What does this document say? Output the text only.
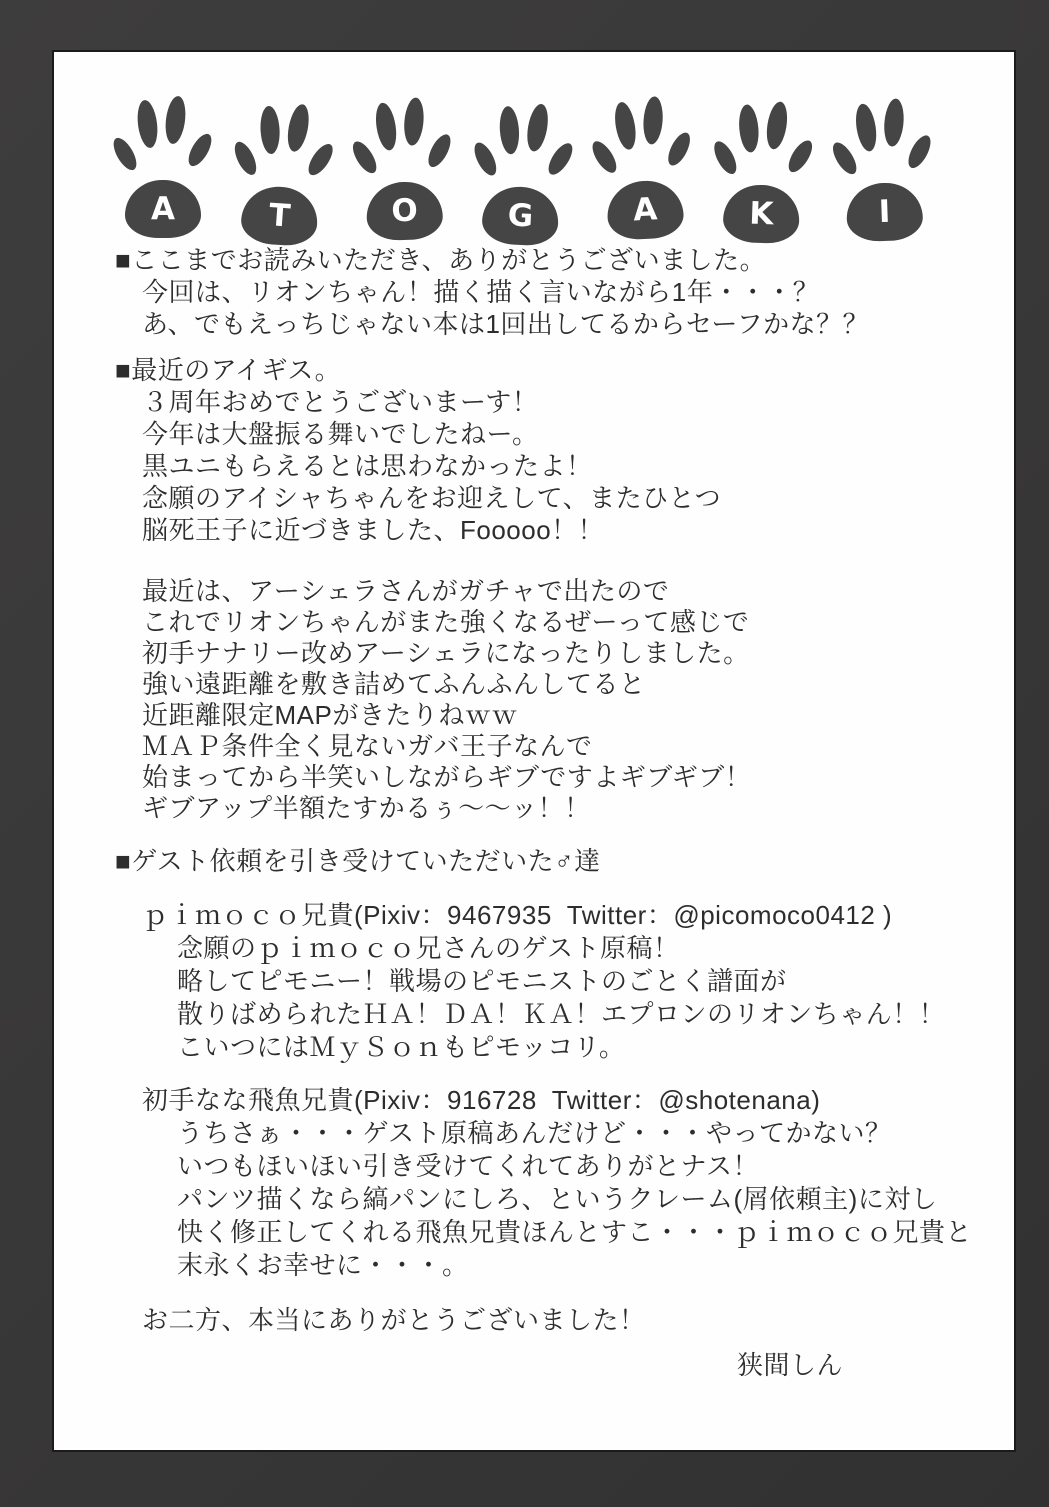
A	T	O	G	A	K	I
■ここまでお読みいただき、ありがとうございました。
今回は、リオンちゃん！描く描く言いながら1年・・・？
あ、でもえっちじゃない本は1回出してるからセーフかな？？
■最近のアイギス。
３周年おめでとうございまーす！
今年は大盤振る舞いでしたねー。
黒ユニもらえるとは思わなかったよ！
念願のアイシャちゃんをお迎えして、またひとつ
脳死王子に近づきました、Fooooo！！
最近は、アーシェラさんがガチャで出たので
これでリオンちゃんがまた強くなるぜーって感じで
初手ナナリー改めアーシェラになったりしました。
強い遠距離を敷き詰めてふんふんしてると
近距離限定MAPがきたりねｗｗ
ＭＡＰ条件全く見ないガバ王子なんで
始まってから半笑いしながらギブですよギブギブ！
ギブアップ半額たすかるぅ～～ッ！！
■ゲスト依頼を引き受けていただいた♂達
ｐｉｍｏｃｏ兄貴(Pixiv：9467935  Twitter：@picomoco0412 )
念願のｐｉｍｏｃｏ兄さんのゲスト原稿！
略してピモニー！戦場のピモニストのごとく譜面が
散りばめられたＨＡ！ＤＡ！ＫＡ！エプロンのリオンちゃん！！
こいつにはＭｙＳｏｎもピモッコリ。
初手なな飛魚兄貴(Pixiv：916728  Twitter：@shotenana)
うちさぁ・・・ゲスト原稿あんだけど・・・やってかない？
いつもほいほい引き受けてくれてありがとナス！
パンツ描くなら縞パンにしろ、というクレーム(屑依頼主)に対し
快く修正してくれる飛魚兄貴ほんとすこ・・・ｐｉｍｏｃｏ兄貴と
末永くお幸せに・・・。
お二方、本当にありがとうございました！
狭間しん
